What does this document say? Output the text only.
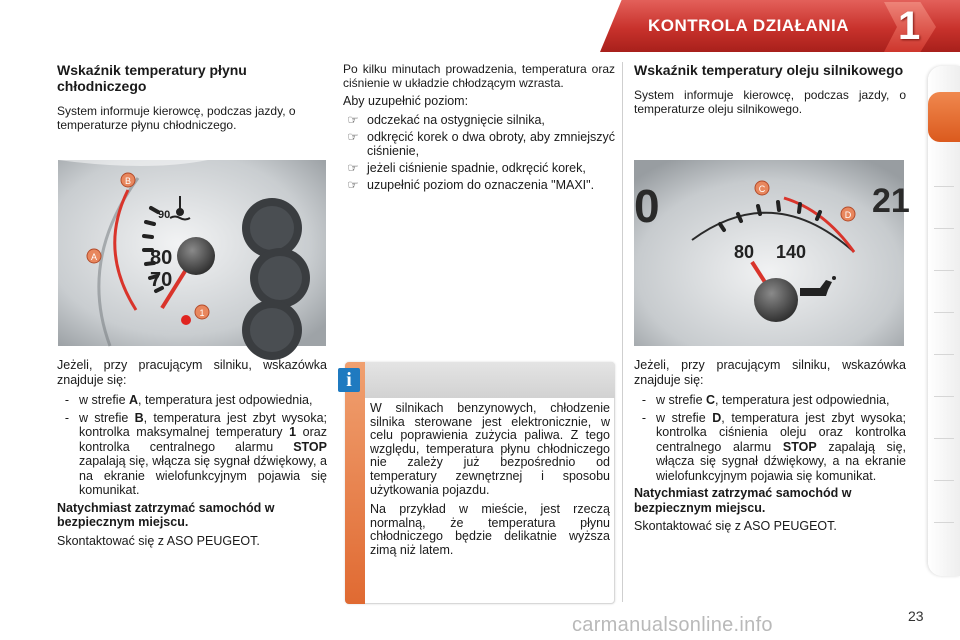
KONTROLA DZIAŁANIA 1
Wskaźnik temperatury płynu chłodniczego

System informuje kierowcę, podczas jazdy, o temperaturze płynu chłodniczego.

B
A
1
90
80
70

Jeżeli, przy pracującym silniku, wskazówka znajduje się:

- w strefie A, temperatura jest odpowiednia,
- w strefie B, temperatura jest zbyt wysoka; kontrolka maksymalnej temperatury 1 oraz kontrolka centralnego alarmu STOP zapalają się, włącza się sygnał dźwiękowy, a na ekranie wielofunkcyjnym pojawia się komunikat.

Natychmiast zatrzymać samochód w bezpiecznym miejscu.

Skontaktować się z ASO PEUGEOT.

Po kilku minutach prowadzenia, temperatura oraz ciśnienie w układzie chłodzącym wzrasta.

Aby uzupełnić poziom:

☞ odczekać na ostygnięcie silnika,
☞ odkręcić korek o dwa obroty, aby zmniejszyć ciśnienie,
☞ jeżeli ciśnienie spadnie, odkręcić korek,
☞ uzupełnić poziom do oznaczenia "MAXI".
i

W silnikach benzynowych, chłodzenie silnika sterowane jest elektronicznie, w celu poprawienia zużycia paliwa. Z tego względu, temperatura płynu chłodniczego nie zależy już bezpośrednio od temperatury zewnętrznej i sposobu użytkowania pojazdu.

Na przykład w mieście, jest rzeczą normalną, że temperatura płynu chłodniczego będzie delikatnie wyższa zimą niż latem.

Wskaźnik temperatury oleju silnikowego

System informuje kierowcę, podczas jazdy, o temperaturze oleju silnikowego.

0	21
C
D
80 140

Jeżeli, przy pracującym silniku, wskazówka znajduje się:

- w strefie C, temperatura jest odpowiednia,
- w strefie D, temperatura jest zbyt wysoka; kontrolka ciśnienia oleju oraz kontrolka centralnego alarmu STOP zapalają się, włącza się sygnał dźwiękowy, a na ekranie wielofunkcyjnym pojawia się komunikat.

Natychmiast zatrzymać samochód w bezpiecznym miejscu.

Skontaktować się z ASO PEUGEOT.

23
carmanualsonline.info
